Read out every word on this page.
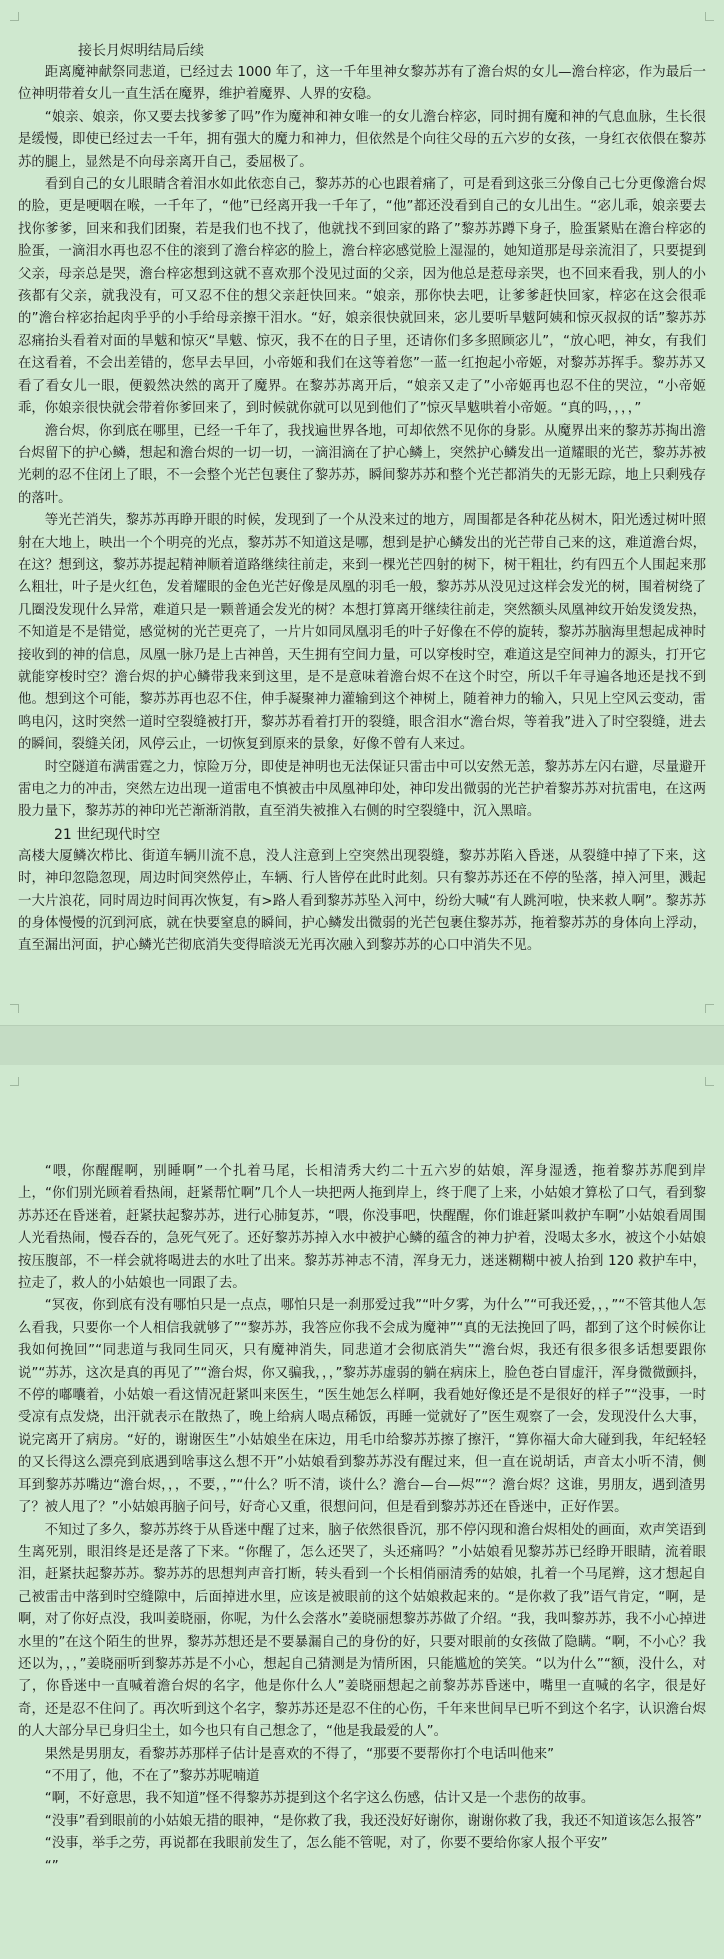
接长月烬明结局后续

距离魔神献祭同悲道，已经过去 1000 年了，这一千年里神女黎苏苏有了澹台烬的女儿—澹台梓宓，作为最后一位神明带着女儿一直生活在魔界，维护着魔界、人界的安稳。

“娘亲、娘亲，你又要去找爹爹了吗”作为魔神和神女唯一的女儿澹台梓宓，同时拥有魔和神的气息血脉，生长很是缓慢，即使已经过去一千年，拥有强大的魔力和神力，但依然是个向往父母的五六岁的女孩，一身红衣依偎在黎苏苏的腿上，显然是不向母亲离开自己，委屈极了。

看到自己的女儿眼睛含着泪水如此依恋自己，黎苏苏的心也跟着痛了，可是看到这张三分像自己七分更像澹台烬的脸，更是哽咽在喉，一千年了，“他”已经离开我一千年了，“他”都还没看到自己的女儿出生。“宓儿乖，娘亲要去找你爹爹，回来和我们团聚，若是我们也不找了，他就找不到回家的路了”黎苏苏蹲下身子，脸蛋紧贴在澹台梓宓的脸蛋，一滴泪水再也忍不住的滚到了澹台梓宓的脸上，澹台梓宓感觉脸上湿湿的，她知道那是母亲流泪了，只要提到父亲，母亲总是哭，澹台梓宓想到这就不喜欢那个没见过面的父亲，因为他总是惹母亲哭，也不回来看我，别人的小孩都有父亲，就我没有，可又忍不住的想父亲赶快回来。“娘亲，那你快去吧，让爹爹赶快回家，梓宓在这会很乖的”澹台梓宓抬起肉乎乎的小手给母亲擦干泪水。“好，娘亲很快就回来，宓儿要听旱魃阿姨和惊灭叔叔的话”黎苏苏忍痛抬头看着对面的旱魃和惊灭“旱魃、惊灭，我不在的日子里，还请你们多多照顾宓儿”，“放心吧，神女，有我们在这看着，不会出差错的，您早去早回，小帝姬和我们在这等着您”一蓝一红抱起小帝姬，对黎苏苏挥手。黎苏苏又看了看女儿一眼，便毅然决然的离开了魔界。在黎苏苏离开后，“娘亲又走了”小帝姬再也忍不住的哭泣，“小帝姬乖，你娘亲很快就会带着你爹回来了，到时候就你就可以见到他们了”惊灭旱魃哄着小帝姬。“真的吗，，，，”

澹台烬，你到底在哪里，已经一千年了，我找遍世界各地，可却依然不见你的身影。从魔界出来的黎苏苏掏出澹台烬留下的护心鳞，想起和澹台烬的一切一切，一滴泪滴在了护心鳞上，突然护心鳞发出一道耀眼的光芒，黎苏苏被光刺的忍不住闭上了眼，不一会整个光芒包裹住了黎苏苏，瞬间黎苏苏和整个光芒都消失的无影无踪，地上只剩残存的落叶。

等光芒消失，黎苏苏再睁开眼的时候，发现到了一个从没来过的地方，周围都是各种花丛树木，阳光透过树叶照射在大地上，映出一个个明亮的光点，黎苏苏不知道这是哪，想到是护心鳞发出的光芒带自己来的这，难道澹台烬，在这？想到这，黎苏苏提起精神顺着道路继续往前走，来到一棵光芒四射的树下，树干粗壮，约有四五个人围起来那么粗壮，叶子是火红色，发着耀眼的金色光芒好像是凤凰的羽毛一般，黎苏苏从没见过这样会发光的树，围着树绕了几圈没发现什么异常，难道只是一颗普通会发光的树？本想打算离开继续往前走，突然额头凤凰神纹开始发烫发热，不知道是不是错觉，感觉树的光芒更亮了，一片片如同凤凰羽毛的叶子好像在不停的旋转，黎苏苏脑海里想起成神时接收到的神的信息，凤凰一脉乃是上古神兽，天生拥有空间力量，可以穿梭时空，难道这是空间神力的源头，打开它就能穿梭时空？澹台烬的护心鳞带我来到这里，是不是意味着澹台烬不在这个时空，所以千年寻遍各地还是找不到他。想到这个可能，黎苏苏再也忍不住，伸手凝聚神力灌输到这个神树上，随着神力的输入，只见上空风云变动，雷鸣电闪，这时突然一道时空裂缝被打开，黎苏苏看着打开的裂缝，眼含泪水“澹台烬，等着我”进入了时空裂缝，进去的瞬间，裂缝关闭，风停云止，一切恢复到原来的景象，好像不曾有人来过。

时空隧道布满雷霆之力，惊险万分，即使是神明也无法保证只雷击中可以安然无恙，黎苏苏左闪右避，尽量避开雷电之力的冲击，突然左边出现一道雷电不慎被击中凤凰神印处，神印发出微弱的光芒护着黎苏苏对抗雷电，在这两股力量下，黎苏苏的神印光芒渐渐消散，直至消失被推入右侧的时空裂缝中，沉入黑暗。

21 世纪现代时空

高楼大厦鳞次栉比、街道车辆川流不息，没人注意到上空突然出现裂缝，黎苏苏陷入昏迷，从裂缝中掉了下来，这时，神印忽隐忽现，周边时间突然停止，车辆、行人皆停在此时此刻。只有黎苏苏还在不停的坠落，掉入河里，溅起一大片浪花，同时周边时间再次恢复，有>路人看到黎苏苏坠入河中，纷纷大喊“有人跳河啦，快来救人啊”。黎苏苏的身体慢慢的沉到河底，就在快要窒息的瞬间，护心鳞发出微弱的光芒包裹住黎苏苏，拖着黎苏苏的身体向上浮动，直至漏出河面，护心鳞光芒彻底消失变得暗淡无光再次融入到黎苏苏的心口中消失不见。

“喂，你醒醒啊，别睡啊”一个扎着马尾，长相清秀大约二十五六岁的姑娘，浑身湿透，拖着黎苏苏爬到岸上，“你们别光顾着看热闹，赶紧帮忙啊”几个人一块把两人拖到岸上，终于爬了上来，小姑娘才算松了口气，看到黎苏苏还在昏迷着，赶紧扶起黎苏苏，进行心肺复苏，“喂，你没事吧，快醒醒，你们谁赶紧叫救护车啊”小姑娘看周围人光看热闹，慢吞吞的，急死气死了。还好黎苏苏掉入水中被护心鳞的蕴含的神力护着，没喝太多水，被这个小姑娘按压腹部，不一样会就将喝进去的水吐了出来。黎苏苏神志不清，浑身无力，迷迷糊糊中被人抬到 120 救护车中，拉走了，救人的小姑娘也一同跟了去。

“冥夜，你到底有没有哪怕只是一点点，哪怕只是一刹那爱过我”“叶夕雾，为什么”“可我还爱，，，”“不管其他人怎么看我，只要你一个人相信我就够了”“黎苏苏，我答应你我不会成为魔神”“真的无法挽回了吗，都到了这个时候你让我如何挽回”“同悲道与我同生同灭，只有魔神消失，同悲道才会彻底消失”“澹台烬，我还有很多很多话想要跟你说”“苏苏，这次是真的再见了”“澹台烬，你又骗我，，，”黎苏苏虚弱的躺在病床上，脸色苍白冒虚汗，浑身微微颤抖，不停的嘟囔着，小姑娘一看这情况赶紧叫来医生，“医生她怎么样啊，我看她好像还是不是很好的样子”“没事，一时受凉有点发烧，出汗就表示在散热了，晚上给病人喝点稀饭，再睡一觉就好了”医生观察了一会，发现没什么大事，说完离开了病房。“好的，谢谢医生”小姑娘坐在床边，用毛巾给黎苏苏擦了擦汗，“算你福大命大碰到我，年纪轻轻的又长得这么漂亮到底遇到啥事这么想不开”小姑娘看到黎苏苏没有醒过来，但一直在说胡话，声音太小听不清，侧耳到黎苏苏嘴边“澹台烬，，，不要，，”“什么？听不清，谈什么？澹台—台—烬”“？澹台烬？这谁，男朋友，遇到渣男了？被人甩了？”小姑娘再脑子问号，好奇心又重，很想问问，但是看到黎苏苏还在昏迷中，正好作罢。

不知过了多久，黎苏苏终于从昏迷中醒了过来，脑子依然很昏沉，那不停闪现和澹台烬相处的画面，欢声笑语到生离死别，眼泪终是还是落了下来。“你醒了，怎么还哭了，头还痛吗？”小姑娘看见黎苏苏已经睁开眼睛，流着眼泪，赶紧扶起黎苏苏。黎苏苏的思想判声音打断，转头看到一个长相俏丽清秀的姑娘，扎着一个马尾辫，这才想起自己被雷击中落到时空缝隙中，后面掉进水里，应该是被眼前的这个姑娘救起来的。“是你救了我”语气肯定，“啊，是啊，对了你好点没，我叫姜晓丽，你呢，为什么会落水”姜晓丽想黎苏苏做了介绍。“我，我叫黎苏苏，我不小心掉进水里的”在这个陌生的世界，黎苏苏想还是不要暴漏自己的身份的好，只要对眼前的女孩做了隐瞒。“啊，不小心？我还以为，，，”姜晓丽听到黎苏苏是不小心，想起自己猜测是为情所困，只能尴尬的笑笑。“以为什么”“额，没什么，对了，你昏迷中一直喊着澹台烬的名字，他是你什么人”姜晓丽想起之前黎苏苏昏迷中，嘴里一直喊的名字，很是好奇，还是忍不住问了。再次听到这个名字，黎苏苏还是忍不住的心伤，千年来世间早已听不到这个名字，认识澹台烬的人大部分早已身归尘土，如今也只有自己想念了，“他是我最爱的人”。

果然是男朋友，看黎苏苏那样子估计是喜欢的不得了，“那要不要帮你打个电话叫他来”

“不用了，他，不在了”黎苏苏呢喃道

“啊，不好意思，我不知道”怪不得黎苏苏提到这个名字这么伤感，估计又是一个悲伤的故事。

“没事”看到眼前的小姑娘无措的眼神，“是你救了我，我还没好好谢你，谢谢你救了我，我还不知道该怎么报答”

“没事，举手之劳，再说都在我眼前发生了，怎么能不管呢，对了，你要不要给你家人报个平安”

“”
